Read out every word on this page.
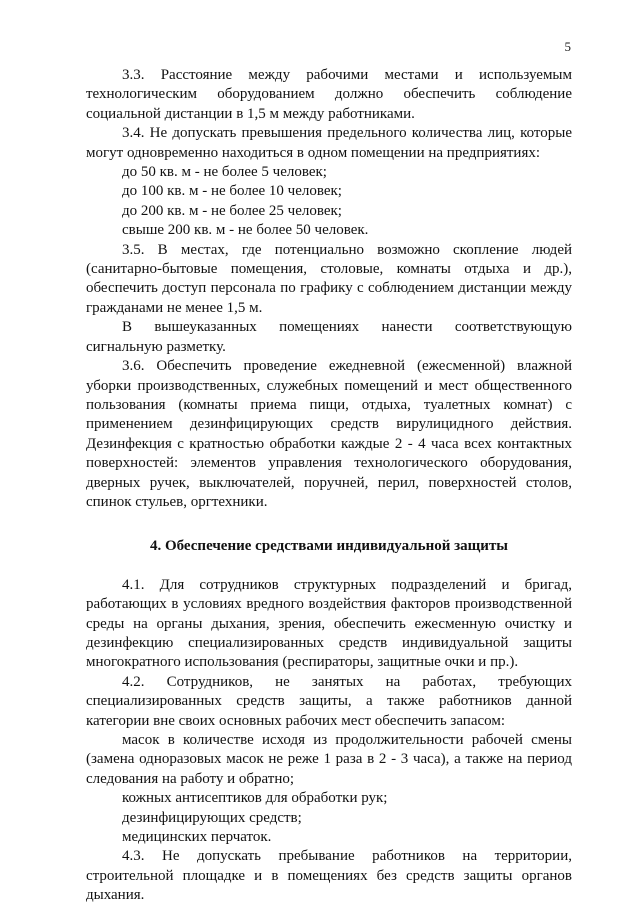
5

3.3. Расстояние между рабочими местами и используемым технологическим оборудованием должно обеспечить соблюдение социальной дистанции в 1,5 м между работниками.

3.4. Не допускать превышения предельного количества лиц, которые могут одновременно находиться в одном помещении на предприятиях:

до 50 кв. м - не более 5 человек;

до 100 кв. м - не более 10 человек;

до 200 кв. м - не более 25 человек;

свыше 200 кв. м - не более 50 человек.

3.5. В местах, где потенциально возможно скопление людей (санитарно-бытовые помещения, столовые, комнаты отдыха и др.), обеспечить доступ персонала по графику с соблюдением дистанции между гражданами не менее 1,5 м.

В вышеуказанных помещениях нанести соответствующую сигнальную разметку.

3.6. Обеспечить проведение ежедневной (ежесменной) влажной уборки производственных, служебных помещений и мест общественного пользования (комнаты приема пищи, отдыха, туалетных комнат) с применением дезинфицирующих средств вирулицидного действия. Дезинфекция с кратностью обработки каждые 2 - 4 часа всех контактных поверхностей: элементов управления технологического оборудования, дверных ручек, выключателей, поручней, перил, поверхностей столов, спинок стульев, оргтехники.

4. Обеспечение средствами индивидуальной защиты

4.1. Для сотрудников структурных подразделений и бригад, работающих в условиях вредного воздействия факторов производственной среды на органы дыхания, зрения, обеспечить ежесменную очистку и дезинфекцию специализированных средств индивидуальной защиты многократного использования (респираторы, защитные очки и пр.).

4.2. Сотрудников, не занятых на работах, требующих специализированных средств защиты, а также работников данной категории вне своих основных рабочих мест обеспечить запасом:

масок в количестве исходя из продолжительности рабочей смены (замена одноразовых масок не реже 1 раза в 2 - 3 часа), а также на период следования на работу и обратно;

кожных антисептиков для обработки рук;

дезинфицирующих средств;

медицинских перчаток.

4.3. Не допускать пребывание работников на территории, строительной площадке и в помещениях без средств защиты органов дыхания.
